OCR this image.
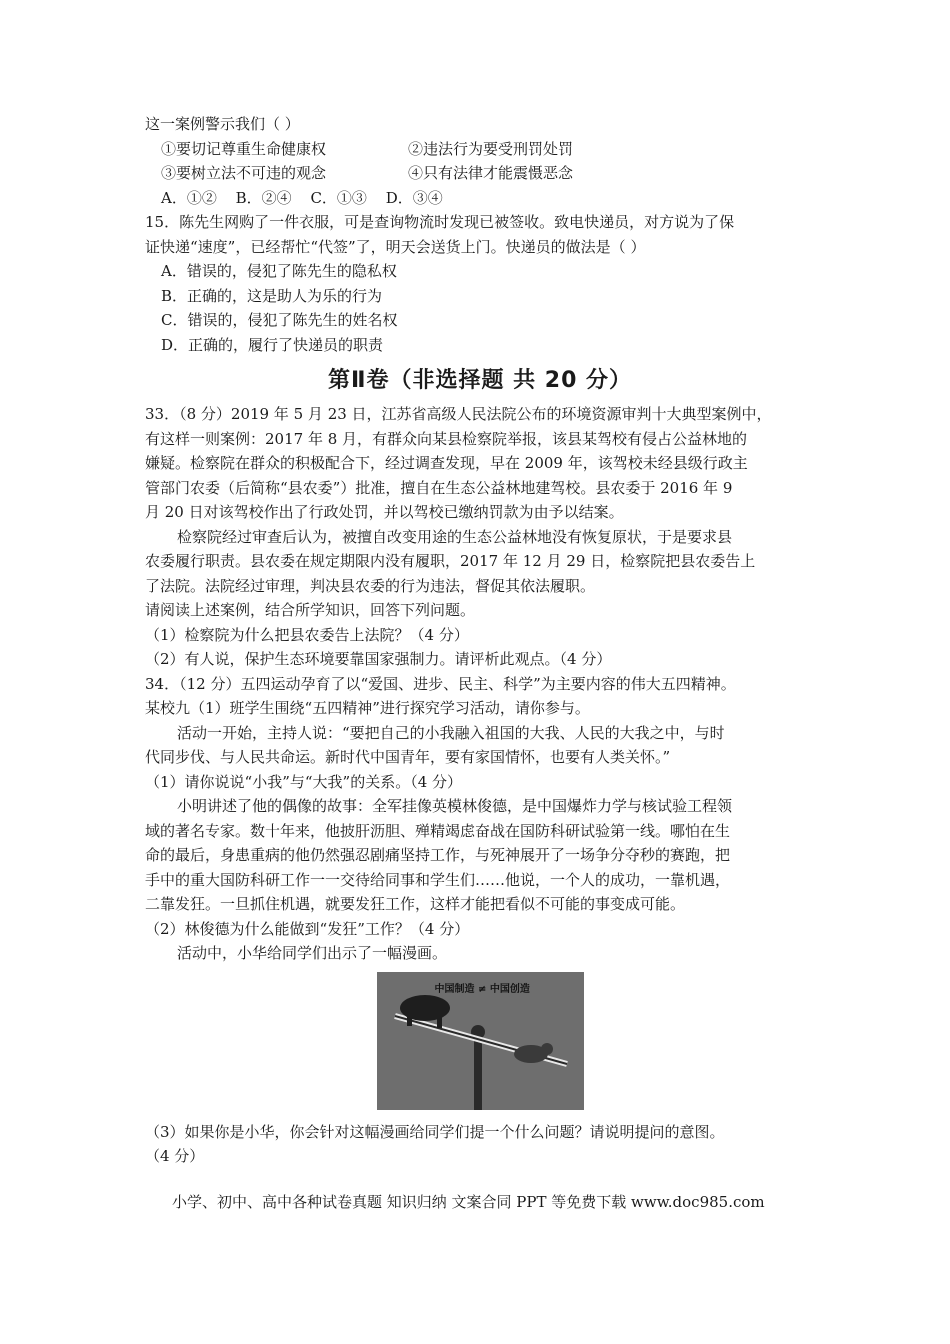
这一案例警示我们（ ）
①要切记尊重生命健康权	②违法行为要受刑罚处罚
③要树立法不可违的观念	④只有法律才能震慑恶念
A．①② B．②④ C．①③ D．③④
15．陈先生网购了一件衣服，可是查询物流时发现已被签收。致电快递员，对方说为了保
证快递“速度”，已经帮忙“代签”了，明天会送货上门。快递员的做法是（ ）
A．错误的，侵犯了陈先生的隐私权
B．正确的，这是助人为乐的行为
C．错误的，侵犯了陈先生的姓名权
D．正确的，履行了快递员的职责
第Ⅱ卷（非选择题 共 20 分）
33．（8 分）2019 年 5 月 23 日，江苏省高级人民法院公布的环境资源审判十大典型案例中，
有这样一则案例：2017 年 8 月，有群众向某县检察院举报，该县某驾校有侵占公益林地的
嫌疑。检察院在群众的积极配合下，经过调查发现，早在 2009 年，该驾校未经县级行政主
管部门农委（后简称“县农委”）批准，擅自在生态公益林地建驾校。县农委于 2016 年 9
月 20 日对该驾校作出了行政处罚，并以驾校已缴纳罚款为由予以结案。
检察院经过审查后认为，被擅自改变用途的生态公益林地没有恢复原状，于是要求县
农委履行职责。县农委在规定期限内没有履职，2017 年 12 月 29 日，检察院把县农委告上
了法院。法院经过审理，判决县农委的行为违法，督促其依法履职。
请阅读上述案例，结合所学知识，回答下列问题。
（1）检察院为什么把县农委告上法院？（4 分）
（2）有人说，保护生态环境要靠国家强制力。请评析此观点。（4 分）
34．（12 分）五四运动孕育了以“爱国、进步、民主、科学”为主要内容的伟大五四精神。
某校九（1）班学生围绕“五四精神”进行探究学习活动，请你参与。
活动一开始，主持人说：“要把自己的小我融入祖国的大我、人民的大我之中，与时
代同步伐、与人民共命运。新时代中国青年，要有家国情怀，也要有人类关怀。”
（1）请你说说“小我”与“大我”的关系。（4 分）
小明讲述了他的偶像的故事：全军挂像英模林俊德，是中国爆炸力学与核试验工程领
域的著名专家。数十年来，他披肝沥胆、殚精竭虑奋战在国防科研试验第一线。哪怕在生
命的最后，身患重病的他仍然强忍剧痛坚持工作，与死神展开了一场争分夺秒的赛跑，把
手中的重大国防科研工作一一交待给同事和学生们……他说，一个人的成功，一靠机遇，
二靠发狂。一旦抓住机遇，就要发狂工作，这样才能把看似不可能的事变成可能。
（2）林俊德为什么能做到“发狂”工作？（4 分）
活动中，小华给同学们出示了一幅漫画。
中国制造 ≠ 中国创造
（3）如果你是小华，你会针对这幅漫画给同学们提一个什么问题？请说明提问的意图。
（4 分）
小学、初中、高中各种试卷真题 知识归纳 文案合同 PPT 等免费下载 www.doc985.com
